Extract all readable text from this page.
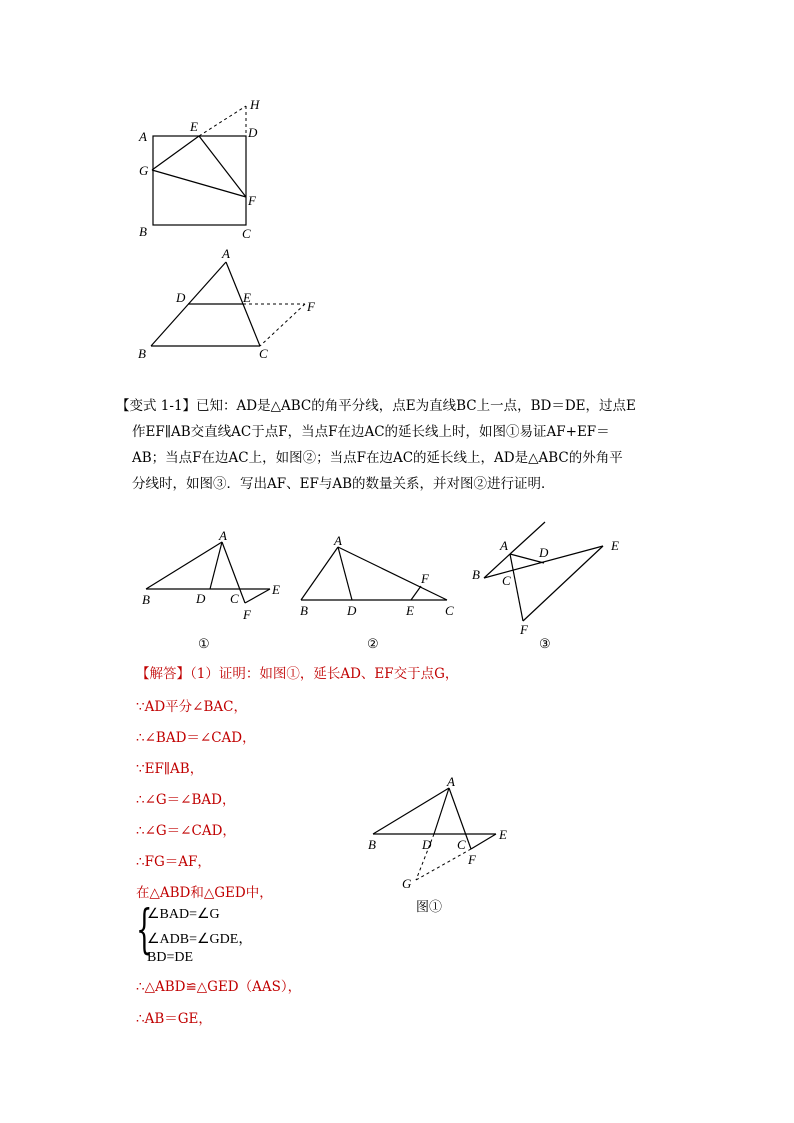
A
E	D
H
G
F
B	C
A
D	E
F
B	C
A
B	D C
E
F
①
A
B	D	E
F
C
②
A D	E
B C
F
③
A
B	D C
E
F
G
图①
【变式 1-1】已知：AD是△ABC的角平分线，点E为直线BC上一点，BD＝DE，过点E
作EF∥AB交直线AC于点F，当点F在边AC的延长线上时，如图①易证AF+EF＝
AB；当点F在边AC上，如图②；当点F在边AC的延长线上，AD是△ABC的外角平
分线时，如图③．写出AF、EF与AB的数量关系，并对图②进行证明．
【解答】（1）证明：如图①，延长AD、EF交于点G，
∵AD平分∠BAC，
∴∠BAD＝∠CAD，
∵EF∥AB，
∴∠G＝∠BAD，
∴∠G＝∠CAD，
∴FG＝AF，
在△ABD和△GED中，
∴△ABD≌△GED（AAS），
∴AB＝GE，
{
∠BAD=∠G
∠ADB=∠GDE，
BD=DE
